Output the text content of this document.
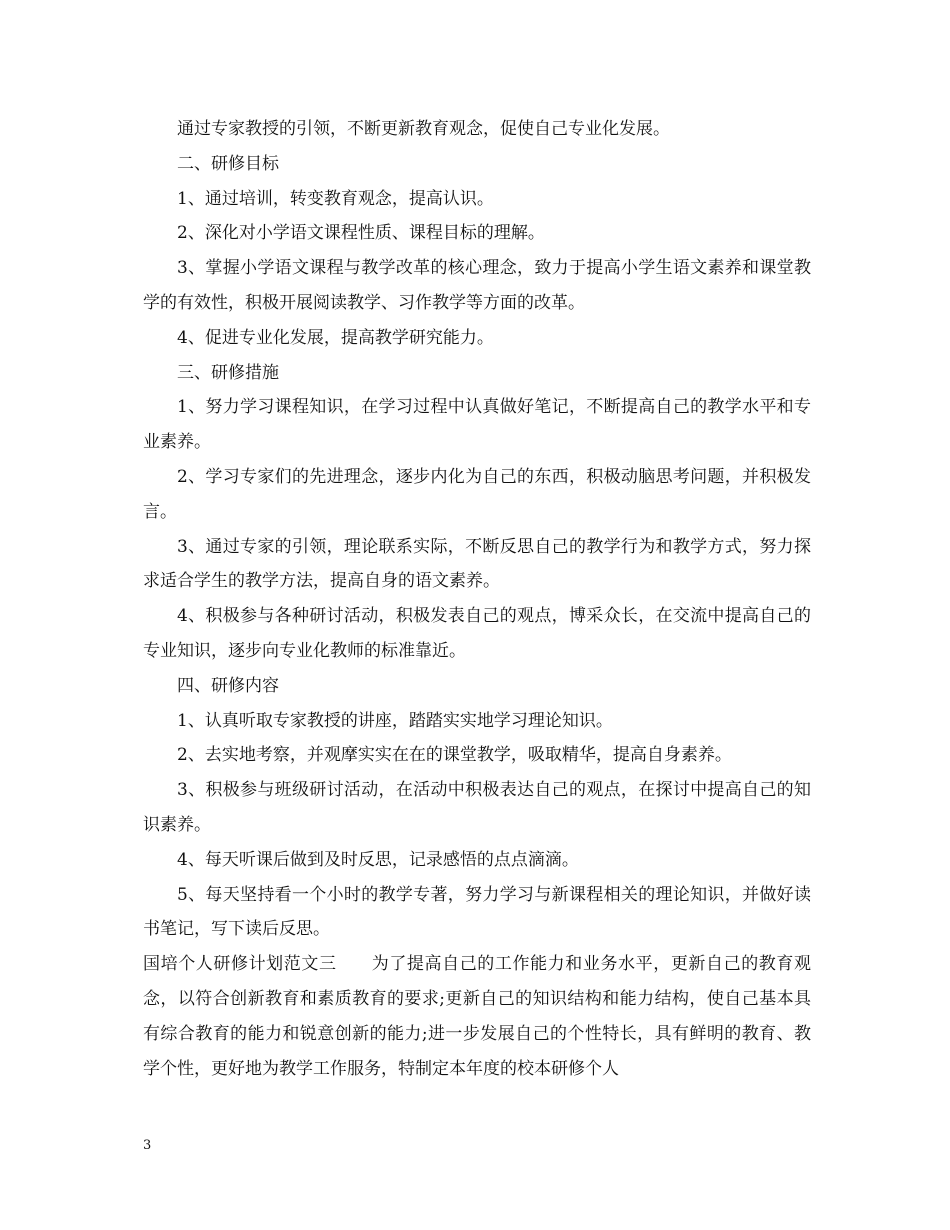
通过专家教授的引领，不断更新教育观念，促使自己专业化发展。

二、研修目标

1、通过培训，转变教育观念，提高认识。

2、深化对小学语文课程性质、课程目标的理解。

3、掌握小学语文课程与教学改革的核心理念，致力于提高小学生语文素养和课堂教学的有效性，积极开展阅读教学、习作教学等方面的改革。

4、促进专业化发展，提高教学研究能力。

三、研修措施

1、努力学习课程知识，在学习过程中认真做好笔记，不断提高自己的教学水平和专业素养。

2、学习专家们的先进理念，逐步内化为自己的东西，积极动脑思考问题，并积极发言。

3、通过专家的引领，理论联系实际，不断反思自己的教学行为和教学方式，努力探求适合学生的教学方法，提高自身的语文素养。

4、积极参与各种研讨活动，积极发表自己的观点，博采众长，在交流中提高自己的专业知识，逐步向专业化教师的标准靠近。

四、研修内容

1、认真听取专家教授的讲座，踏踏实实地学习理论知识。

2、去实地考察，并观摩实实在在的课堂教学，吸取精华，提高自身素养。

3、积极参与班级研讨活动，在活动中积极表达自己的观点，在探讨中提高自己的知识素养。

4、每天听课后做到及时反思，记录感悟的点点滴滴。

5、每天坚持看一个小时的教学专著，努力学习与新课程相关的理论知识，并做好读书笔记，写下读后反思。

国培个人研修计划范文三　　为了提高自己的工作能力和业务水平，更新自己的教育观念，以符合创新教育和素质教育的要求;更新自己的知识结构和能力结构，使自己基本具有综合教育的能力和锐意创新的能力;进一步发展自己的个性特长，具有鲜明的教育、教学个性，更好地为教学工作服务，特制定本年度的校本研修个人

3
